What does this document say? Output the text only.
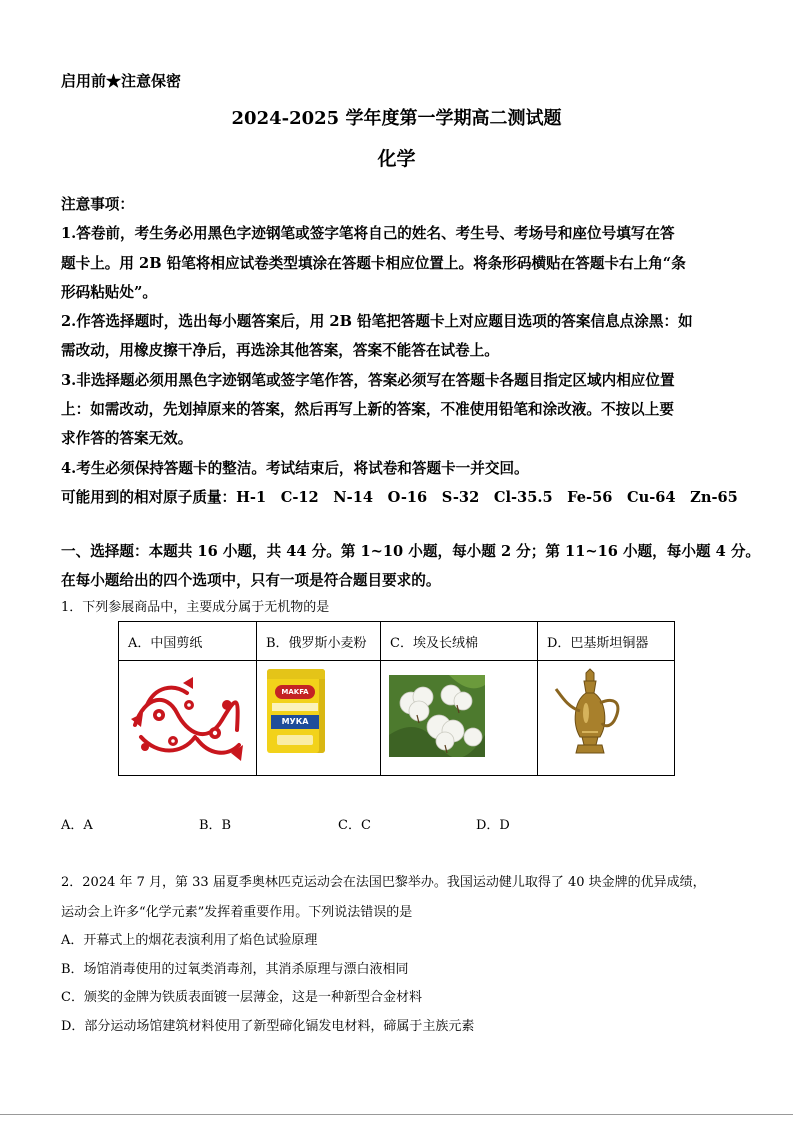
启用前★注意保密
2024-2025 学年度第一学期高二测试题
化学
注意事项：
1.答卷前，考生务必用黑色字迹钢笔或签字笔将自己的姓名、考生号、考场号和座位号填写在答
题卡上。用 2B 铅笔将相应试卷类型填涂在答题卡相应位置上。将条形码横贴在答题卡右上角“条
形码粘贴处”。
2.作答选择题时，选出每小题答案后，用 2B 铅笔把答题卡上对应题目选项的答案信息点涂黑：如
需改动，用橡皮擦干净后，再选涂其他答案，答案不能答在试卷上。
3.非选择题必须用黑色字迹钢笔或签字笔作答，答案必须写在答题卡各题目指定区域内相应位置
上：如需改动，先划掉原来的答案，然后再写上新的答案，不准使用铅笔和涂改液。不按以上要
求作答的答案无效。
4.考生必须保持答题卡的整洁。考试结束后，将试卷和答题卡一并交回。
可能用到的相对原子质量：H-1　C-12　N-14　O-16　S-32　Cl-35.5　Fe-56　Cu-64　Zn-65
一、选择题：本题共 16 小题，共 44 分。第 1~10 小题，每小题 2 分；第 11~16 小题，每小题 4 分。
在每小题给出的四个选项中，只有一项是符合题目要求的。
1．下列参展商品中，主要成分属于无机物的是
A．中国剪纸	B．俄罗斯小麦粉	C．埃及长绒棉	D．巴基斯坦铜器

MAKFA
МУКА

A．A	B．B	C．C	D．D
2．2024 年 7 月，第 33 届夏季奥林匹克运动会在法国巴黎举办。我国运动健儿取得了 40 块金牌的优异成绩，
运动会上许多“化学元素”发挥着重要作用。下列说法错误的是
A．开幕式上的烟花表演利用了焰色试验原理
B．场馆消毒使用的过氧类消毒剂，其消杀原理与漂白液相同
C．颁奖的金牌为铁质表面镀一层薄金，这是一种新型合金材料
D．部分运动场馆建筑材料使用了新型碲化镉发电材料，碲属于主族元素
